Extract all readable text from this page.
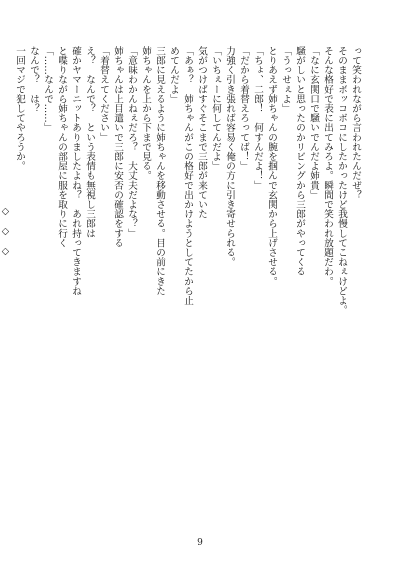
って笑われながら言われたんだぜ？
そのままボッコボコにしたかったけど我慢してこねぇけどよ。
そんな格好で表に出てみろよ。瞬間で笑われ放題だわ。
「なに玄関口で騒いでんだよ姉貴」
騒がしいと思ったのかリビングから三郎がやってくる
「うっせぇよ」
とりあえず姉ちゃんの腕を掴んで玄関から上げさせる。
「ちょ、二郎！　何すんだよ！」
「だから着替えろってば！」
力強く引き張れば容易く俺の方に引き寄せられる。
「いちぇーに何してんだよ」
気がつけばすぐそこまで三郎が来ていた
「あぁ？　姉ちゃんがこの格好で出かけようとしてたから止
めてんだよ」
三郎に見えるように姉ちゃんを移動させる。目の前にきた
姉ちゃんを上から下まで見る。
「意味わかんねぇだろ？　大丈夫だよな？」
姉ちゃんは上目遣いで三郎に安否の確認をする
「着替えてください」
え？　なんで？　という表情も無視し三郎は
確かヤマーニットありましたよね？　あれ持ってきますね
と喋りながら姉ちゃんの部屋に服を取りに行く
「……なんで……」
なんで？　は？
一回マジで犯してやろうか。
◇◇◇
9
